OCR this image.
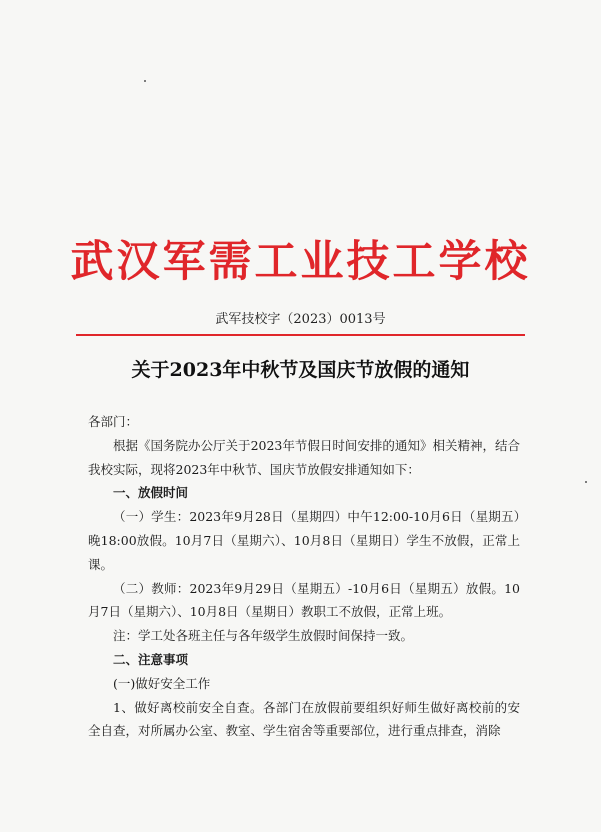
武汉军需工业技工学校
武军技校字（2023）0013号
关于2023年中秋节及国庆节放假的通知

各部门：

根据《国务院办公厅关于2023年节假日时间安排的通知》相关精神，结合我校实际，现将2023年中秋节、国庆节放假安排通知如下：

一、放假时间

（一）学生：2023年9月28日（星期四）中午12:00-10月6日（星期五）晚18:00放假。10月7日（星期六）、10月8日（星期日）学生不放假，正常上课。

（二）教师：2023年9月29日（星期五）-10月6日（星期五）放假。10月7日（星期六）、10月8日（星期日）教职工不放假，正常上班。

注：学工处各班主任与各年级学生放假时间保持一致。

二、注意事项

(一)做好安全工作

1、做好离校前安全自查。各部门在放假前要组织好师生做好离校前的安全自查，对所属办公室、教室、学生宿舍等重要部位，进行重点排查，消除
